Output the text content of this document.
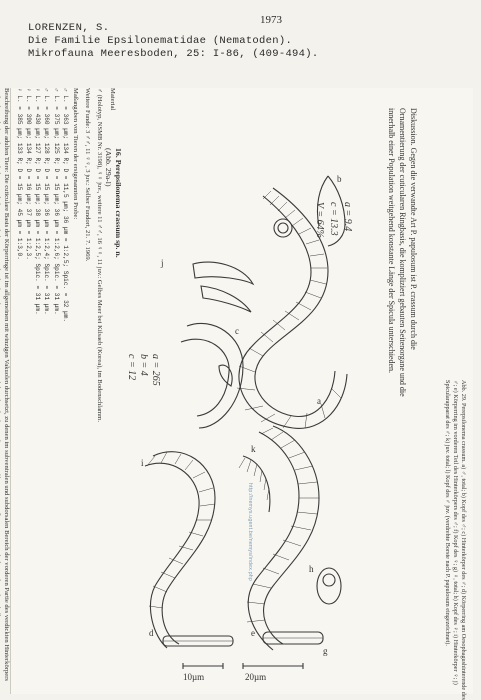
LORENZEN, S.
1973
Die Familie Epsilonematidae (Nematoden).
Mikrofauna Meeresboden, 25: I-86, (409-494).

Material

♂ (Holotyp, NSMB Nr. 3198), ♀♀ juv., weitere 11 ♂♂, 16 ♀♀, 11 juv.: Gelbes Meer bei Kilsaeb (Korea), im Bodenschlamm.

Weitere Funde: 3 ♂♂, 11 ♀♀, 3 juv.: Selber Fundort, 21. 7. 1969.

Maßangaben von Tieren der erstgenannten Probe:

♂ L. = 363 µm; 134 R; D = 11,5 µm; 36 µm = 1:2,5; Spic. = 32 µm.
♂ L. = 375 µm; 125 R; D = 15 µm; 36 µm = 1:2,6; Spic. = 31 µm.
♂ L. = 360 µm; 128 R; D = 15 µm; 36 µm = 1:2,4; Spic. = 31 µm.
♀ L. = 430 µm; 127 R; D = 15 µm; 38 µm = 1:2,5; Spic. = 31 µm.
♀ L. = 390 µm; 134 R; D = 16 µm; 37 µm = 1:2,3.
♀ L. = 385 µm; 133 R; D = 15 µm; 45 µm = 1:3,0.

Beschreibung der adulten Tiere: Die cuticulare Basis der Körperringe ist im allgemeinen mit winzigen Vakuolen durchsetzt, zu denen im subventralen und subdorsalen Bereich der vorderen Partie des verdickten Hinterkörpers

16. Perepsilonema crassum sp. n.
(Abb. 29a-l)	b
j
c
a
k
i
h
g
d	e
10µm	20µm
a = 9.4
c = 13.3
V = 64%
a = 265
b = 4
c = 12

Diskussion. Gegen die verwandte Art P. papulosum ist P. crassum durch die Ornamentierung der cuticularen Ringbasis, die kompliziert gebauten Seitenorgane und die innerhalb einer Population weitgehend konstante Länge der Spicula unterschieden.

Abb. 29. Perepsilonema crassum. a) ♂, total; b) Kopf des ♂; c) Hinterkörper des ♂; d) Körperring am Oesophagushinterende des ♂; e) Körperring im vorderen Teil des Hinterkörpers des ♂; f) Kopf des ♀; g) ♀, total; h) Kopf des ♀; i) Hinterkörper ♀; j) Spicularapparat des ♂; k) juv. total; l) Kopf des ♂ juv. (verdrehte Borste nach P. papulosum eingezeichnet).

http://nemys.ugent.be/nemys/index.php
